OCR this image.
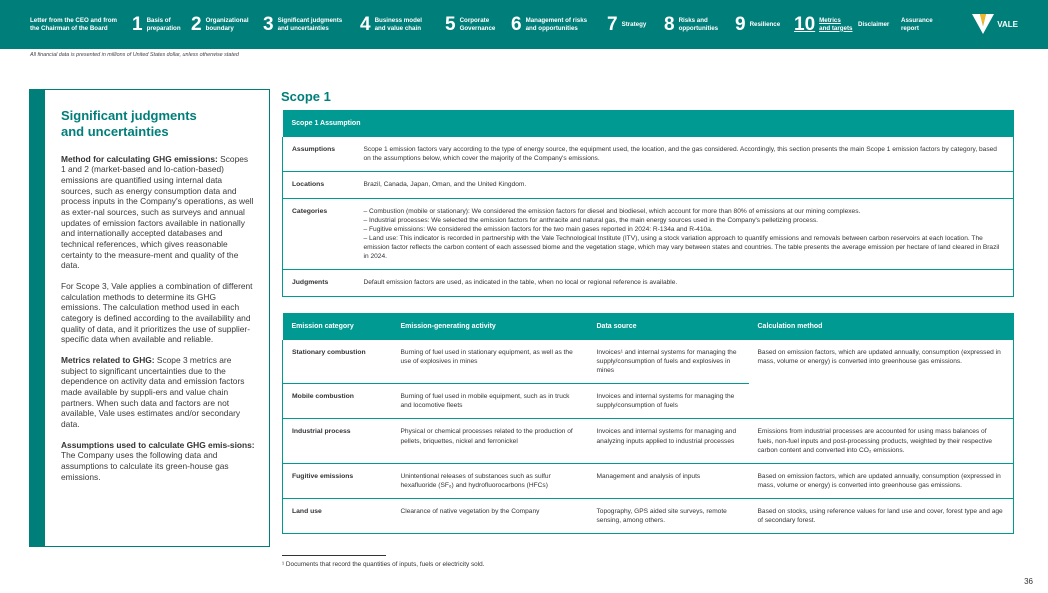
Letter from the CEO and from
the Chairman of the Board	1 Basis of
preparation 2 Organizational
boundary	3 Significant judgments
and uncertainties	4 Business model
and value chain 5 Corporate
Governance 6 Management of risks
and opportunities	7 Strategy 8 Risks and
opportunities 9 Resilience 10 Metrics
and targets
Disclaimer
Assurance
report	VALE
All financial data is presented in millions of United States dollar, unless otherwise stated
Significant judgments
and uncertainties

Method for calculating GHG emissions: Scopes 1 and 2 (market-based and lo-cation-based) emissions are quantified using internal data sources, such as energy consumption data and process inputs in the Company's operations, as well as exter-nal sources, such as surveys and annual updates of emission factors available in nationally and internationally accepted databases and technical references, which gives reasonable certainty to the measure-ment and quality of the data.

For Scope 3, Vale applies a combination of different calculation methods to determine its GHG emissions. The calculation method used in each category is defined according to the availability and quality of data, and it prioritizes the use of supplier-specific data when available and reliable.

Metrics related to GHG: Scope 3 metrics are subject to significant uncertainties due to the dependence on activity data and emission factors made available by suppli-ers and value chain partners. When such data and factors are not available, Vale uses estimates and/or secondary data.

Assumptions used to calculate GHG emis-sions: The Company uses the following data and assumptions to calculate its green-house gas emissions.

Scope 1
Scope 1 Assumption	
Assumptions	Scope 1 emission factors vary according to the type of energy source, the equipment used, the location, and the gas considered. Accordingly, this section presents the main Scope 1 emission factors by category, based on the assumptions below, which cover the majority of the Company's emissions.
Locations	Brazil, Canada, Japan, Oman, and the United Kingdom.
Categories	– Combustion (mobile or stationary): We considered the emission factors for diesel and biodiesel, which account for more than 80% of emissions at our mining complexes.
– Industrial processes: We selected the emission factors for anthracite and natural gas, the main energy sources used in the Company's pelletizing process.
– Fugitive emissions: We considered the emission factors for the two main gases reported in 2024: R-134a and R-410a.
– Land use: This indicator is recorded in partnership with the Vale Technological Institute (ITV), using a stock variation approach to quantify emissions and removals between carbon reservoirs at each location. The emission factor reflects the carbon content of each assessed biome and the vegetation stage, which may vary between states and countries. The table presents the average emission per hectare of land cleared in Brazil in 2024.

Judgments	Default emission factors are used, as indicated in the table, when no local or regional reference is available.
Emission category	Emission-generating activity	Data source	Calculation method
Stationary combustion	Burning of fuel used in stationary equipment, as well as the use of explosives in mines	Invoices¹ and internal systems for managing the supply/consumption of fuels and explosives in mines	Based on emission factors, which are updated annually, consumption (expressed in mass, volume or energy) is converted into greenhouse gas emissions.
Mobile combustion	Burning of fuel used in mobile equipment, such as in truck and locomotive fleets	Invoices and internal systems for managing the supply/consumption of fuels	
Industrial process	Physical or chemical processes related to the production of pellets, briquettes, nickel and ferronickel	Invoices and internal systems for managing and analyzing inputs applied to industrial processes	Emissions from industrial processes are accounted for using mass balances of fuels, non-fuel inputs and post-processing products, weighted by their respective carbon content and converted into CO₂ emissions.
Fugitive emissions	Unintentional releases of substances such as sulfur hexafluoride (SF₆) and hydrofluorocarbons (HFCs)	Management and analysis of inputs	Based on emission factors, which are updated annually, consumption (expressed in mass, volume or energy) is converted into greenhouse gas emissions.
Land use	Clearance of native vegetation by the Company	Topography, GPS aided site surveys, remote sensing, among others.	Based on stocks, using reference values for land use and cover, forest type and age of secondary forest.
¹ Documents that record the quantities of inputs, fuels or electricity sold.
36
